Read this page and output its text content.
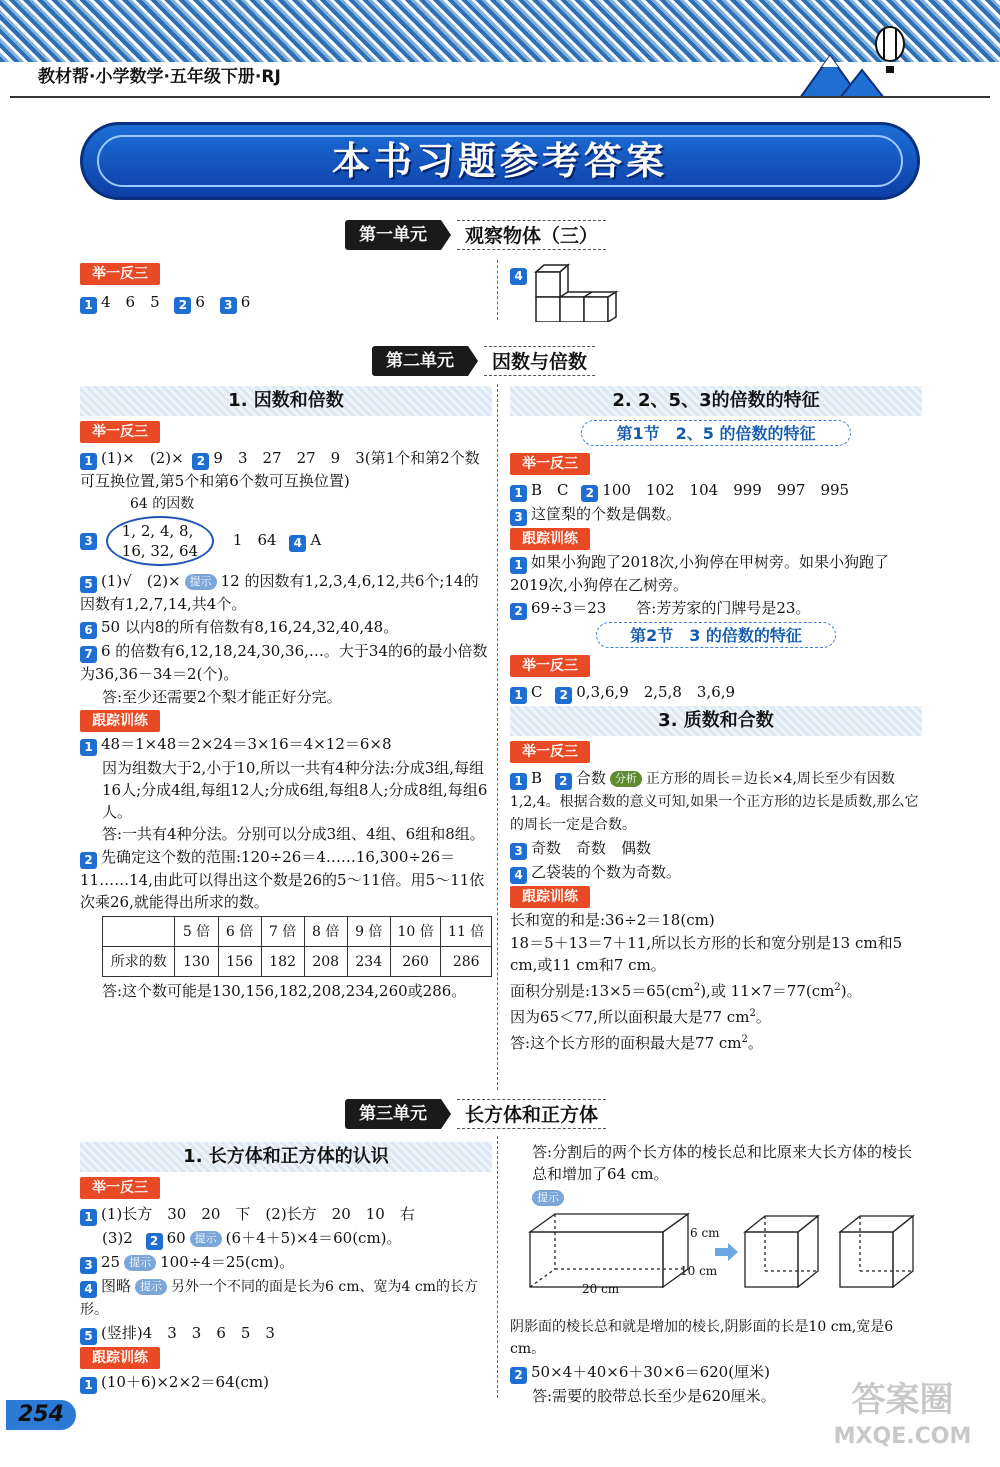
教材帮·小学数学·五年级下册·RJ
本书习题参考答案
第一单元	观察物体（三）
举一反三
1 4　6　5 2 6 3 6
4
第二单元	因数与倍数
1. 因数和倍数
举一反三
1 (1)×　(2)× 2 9　3　27　27　9　3(第1个和第2个数可互换位置,第5个和第6个数可互换位置)
64 的因数
3 1, 2, 4, 8,
16, 32, 64 1　64 4 A
5 (1)√　(2)× 提示 12 的因数有1,2,3,4,6,12,共6个;14的因数有1,2,7,14,共4个。
6 50 以内8的所有倍数有8,16,24,32,40,48。
7 6 的倍数有6,12,18,24,30,36,…。大于34的6的最小倍数为36,36－34＝2(个)。
答:至少还需要2个梨才能正好分完。
跟踪训练
1 48＝1×48＝2×24＝3×16＝4×12＝6×8
因为组数大于2,小于10,所以一共有4种分法:分成3组,每组16人;分成4组,每组12人;分成6组,每组8人;分成8组,每组6人。
答:一共有4种分法。分别可以分成3组、4组、6组和8组。
2 先确定这个数的范围:120÷26＝4……16,300÷26＝11……14,由此可以得出这个数是26的5～11倍。用5～11依次乘26,就能得出所求的数。
	5 倍	6 倍	7 倍	8 倍	9 倍	10 倍	11 倍
所求的数	130	156	182	208	234	260	286
答:这个数可能是130,156,182,208,234,260或286。
2. 2、5、3的倍数的特征
第1节　2、5 的倍数的特征
举一反三
1 B　C 2 100　102　104　999　997　995
3 这筐梨的个数是偶数。
跟踪训练
1 如果小狗跑了2018次,小狗停在甲树旁。如果小狗跑了2019次,小狗停在乙树旁。
2 69÷3＝23　　答:芳芳家的门牌号是23。
第2节　3 的倍数的特征
举一反三
1 C 2 0,3,6,9　2,5,8　3,6,9
3. 质数和合数
举一反三
1 B 2 合数 分析 正方形的周长＝边长×4,周长至少有因数1,2,4。根据合数的意义可知,如果一个正方形的边长是质数,那么它的周长一定是合数。
3 奇数　奇数　偶数
4 乙袋装的个数为奇数。
跟踪训练
长和宽的和是:36÷2＝18(cm)
18＝5＋13＝7＋11,所以长方形的长和宽分别是13 cm和5 cm,或11 cm和7 cm。
面积分别是$:13\times 5=65(cm^2)$,或 $11\times 7=77(cm^2)$。
因为65＜77,所以面积最大是77 $cm^2$。
答:这个长方形的面积最大是77 $cm^2$。
第三单元	长方体和正方体
1. 长方体和正方体的认识
举一反三
1 (1)长方　30　20　下　(2)长方　20　10　右
(3)2 2 60 提示 (6＋4＋5)×4＝60(cm)。
3 25 提示 100÷4＝25(cm)。
4 图略 提示 另外一个不同的面是长为6 cm、宽为4 cm的长方形。
5 (竖排)4　3　3　6　5　3
跟踪训练
1 (10＋6)×2×2＝64(cm)
答:分割后的两个长方体的棱长总和比原来大长方体的棱长总和增加了64 cm。
提示
6 cm
10 cm
20 cm
阴影面的棱长总和就是增加的棱长,阴影面的长是10 cm,宽是6 cm。
2 50×4＋40×6＋30×6＝620(厘米)
答:需要的胶带总长至少是620厘米。
254	答案圈
MXQE.COM
